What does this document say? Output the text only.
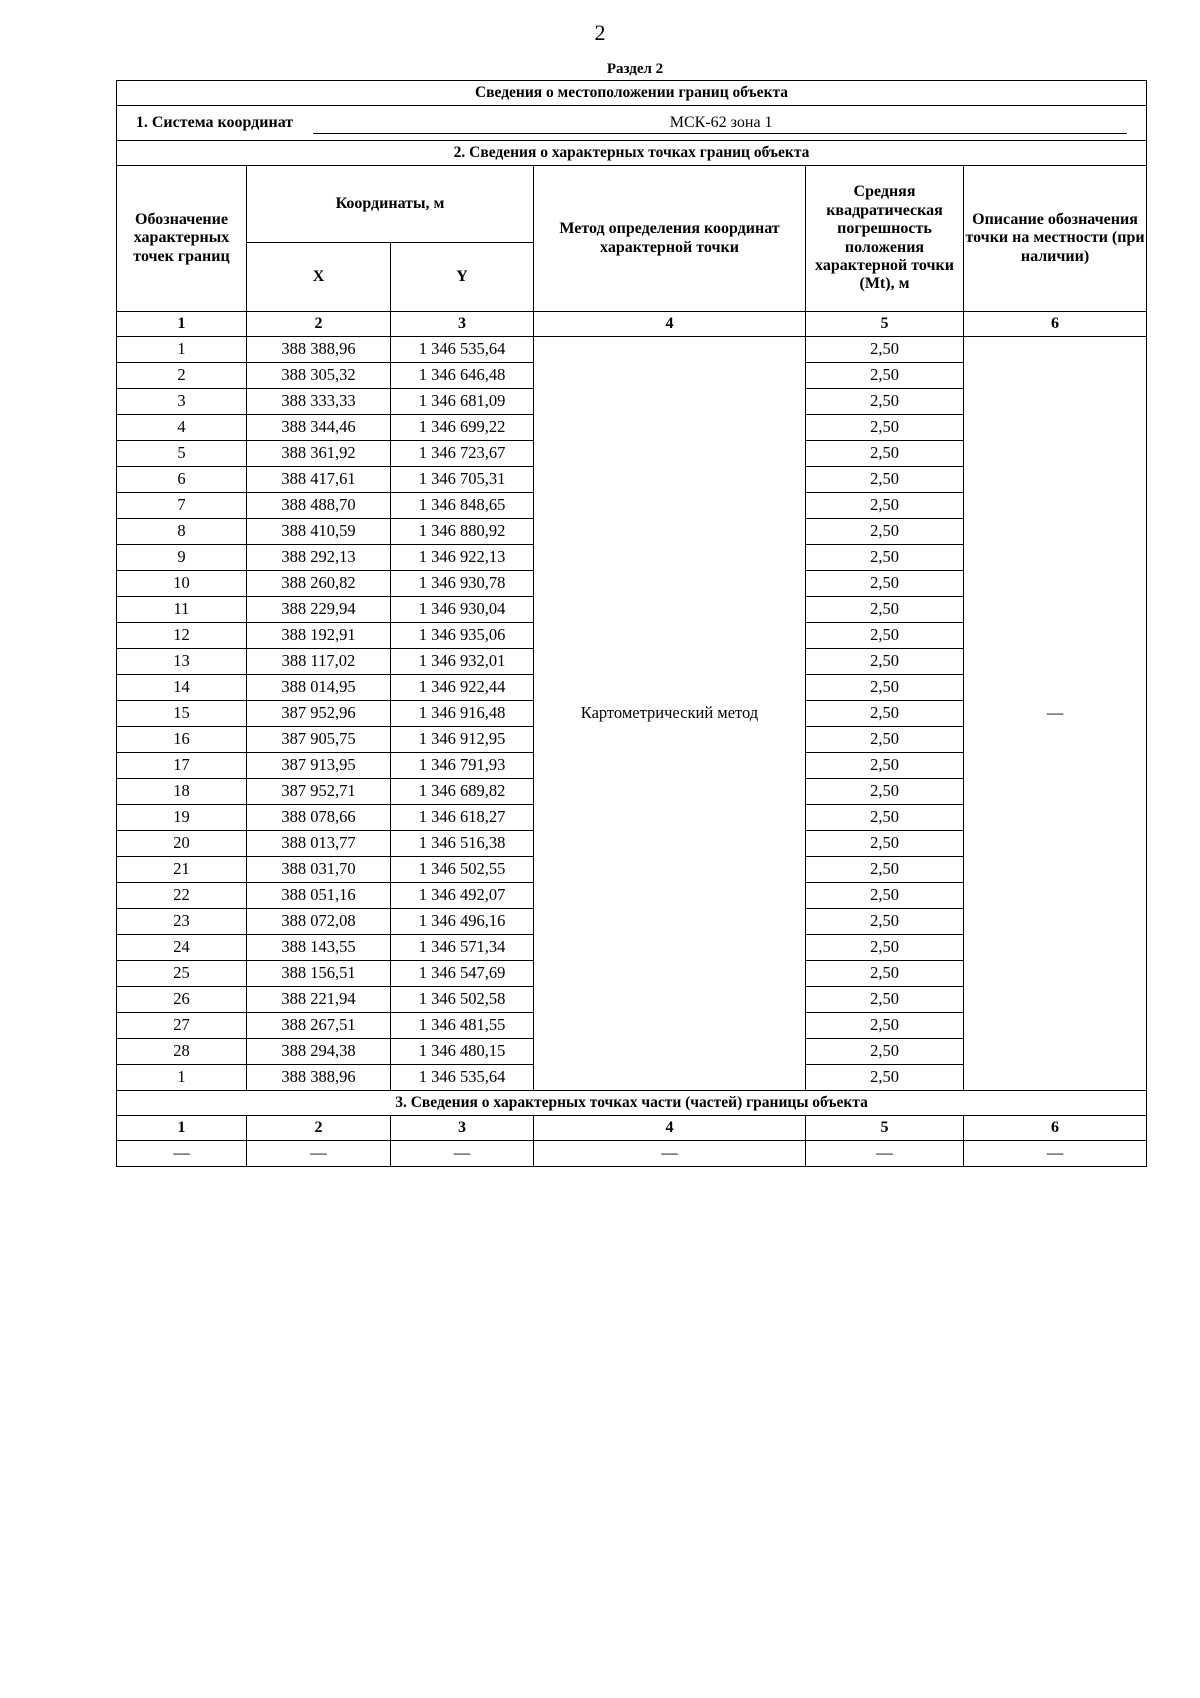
2
Раздел 2
Сведения о местоположении границ объекта					
1. Система координат МСК-62 зона 1					
2. Сведения о характерных точках границ объекта					
Обозначение характерных точек границ	Координаты, м		Метод определения координат характерной точки	Средняя квадратическая погрешность положения характерной точки (Mt), м	Описание обозначения точки на местности (при наличии)
	X	Y			
1	2	3	4	5	6
1	388 388,96	1 346 535,64	Картометрический метод	2,50	—
2	388 305,32	1 346 646,48		2,50	
3	388 333,33	1 346 681,09		2,50	
4	388 344,46	1 346 699,22		2,50	
5	388 361,92	1 346 723,67		2,50	
6	388 417,61	1 346 705,31		2,50	
7	388 488,70	1 346 848,65		2,50	
8	388 410,59	1 346 880,92		2,50	
9	388 292,13	1 346 922,13		2,50	
10	388 260,82	1 346 930,78		2,50	
11	388 229,94	1 346 930,04		2,50	
12	388 192,91	1 346 935,06		2,50	
13	388 117,02	1 346 932,01		2,50	
14	388 014,95	1 346 922,44		2,50	
15	387 952,96	1 346 916,48		2,50	
16	387 905,75	1 346 912,95		2,50	
17	387 913,95	1 346 791,93		2,50	
18	387 952,71	1 346 689,82		2,50	
19	388 078,66	1 346 618,27		2,50	
20	388 013,77	1 346 516,38		2,50	
21	388 031,70	1 346 502,55		2,50	
22	388 051,16	1 346 492,07		2,50	
23	388 072,08	1 346 496,16		2,50	
24	388 143,55	1 346 571,34		2,50	
25	388 156,51	1 346 547,69		2,50	
26	388 221,94	1 346 502,58		2,50	
27	388 267,51	1 346 481,55		2,50	
28	388 294,38	1 346 480,15		2,50	
1	388 388,96	1 346 535,64		2,50	
3. Сведения о характерных точках части (частей) границы объекта					
1	2	3	4	5	6
—	—	—	—	—	—
